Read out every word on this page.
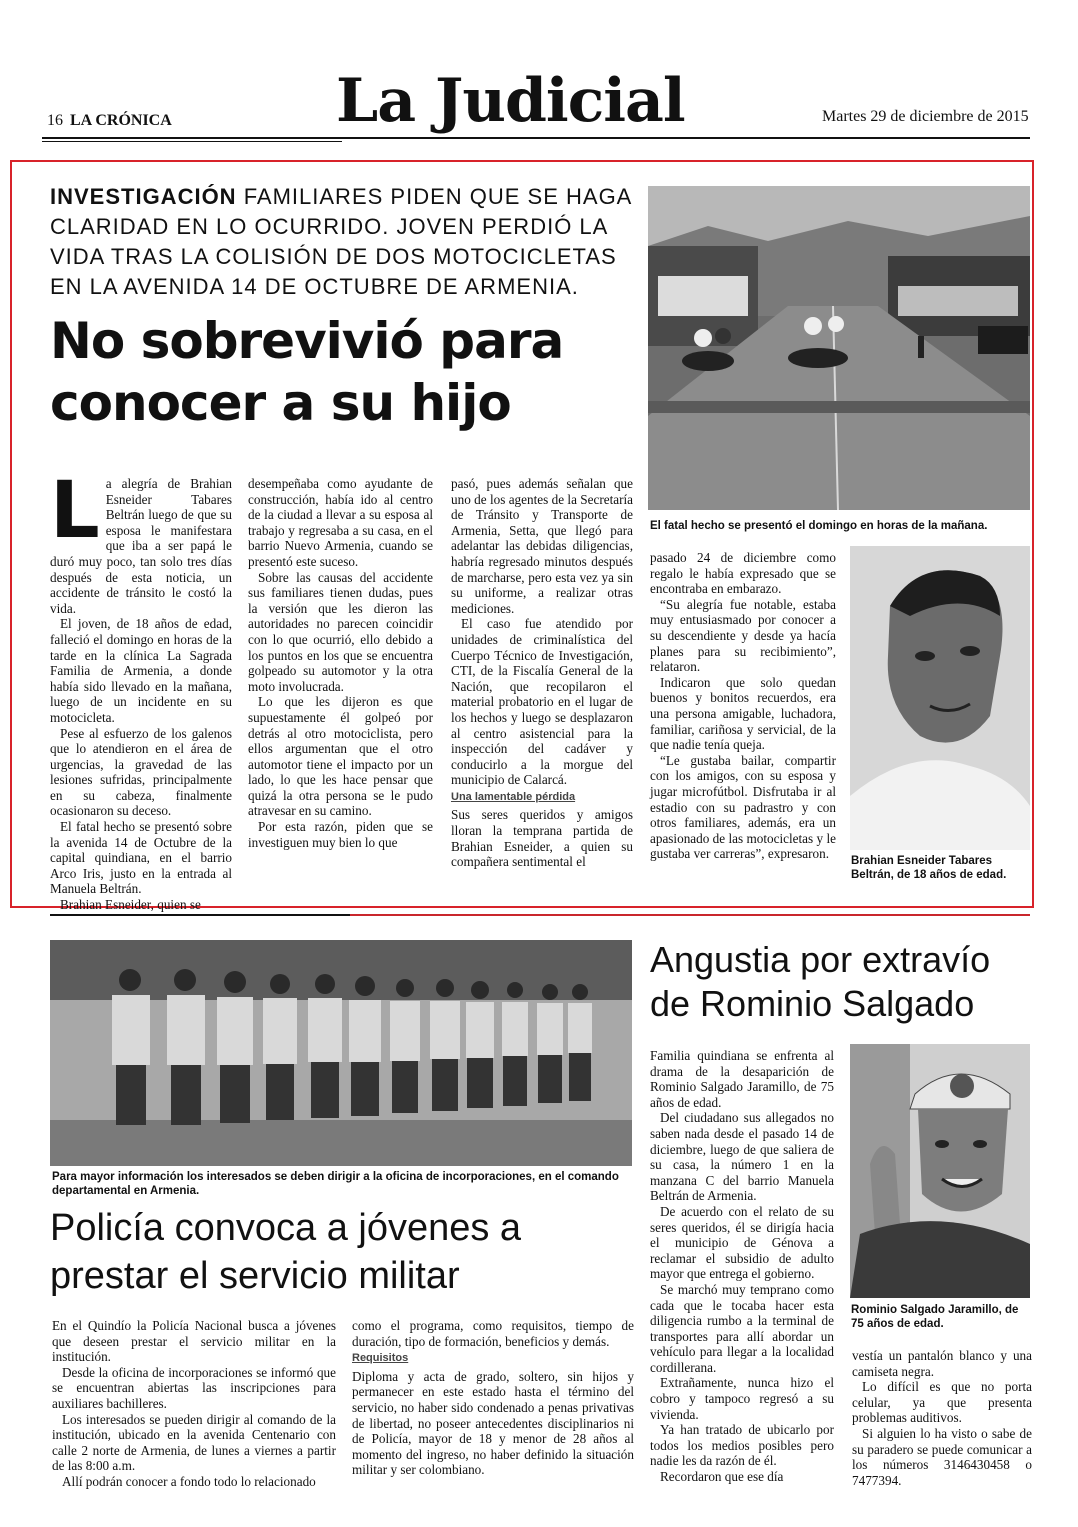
16 LA CRÓNICA	La Judicial	Martes 29 de diciembre de 2015
INVESTIGACIÓN FAMILIARES PIDEN QUE SE HAGA CLARIDAD EN LO OCURRIDO. JOVEN PERDIÓ LA VIDA TRAS LA COLISIÓN DE DOS MOTOCICLETAS EN LA AVENIDA 14 DE OCTUBRE DE ARMENIA.
No sobrevivió para conocer a su hijo
El fatal hecho se presentó el domingo en horas de la mañana.
Brahian Esneider Tabares Beltrán, de 18 años de edad.
L a alegría de Brahian Esneider Tabares Beltrán luego de que su esposa le manifestara que iba a ser papá le duró muy poco, tan solo tres días después de esta noticia, un accidente de tránsito le costó la vida.

El joven, de 18 años de edad, falleció el domingo en horas de la tarde en la clínica La Sagrada Familia de Armenia, a donde había sido llevado en la mañana, luego de un incidente en su motocicleta.

Pese al esfuerzo de los galenos que lo atendieron en el área de urgencias, la gravedad de las lesiones sufridas, principalmente en su cabeza, finalmente ocasionaron su deceso.

El fatal hecho se presentó sobre la avenida 14 de Octubre de la capital quindiana, en el barrio Arco Iris, justo en la entrada al Manuela Beltrán.

Brahian Esneider, quien se

desempeñaba como ayudante de construcción, había ido al centro de la ciudad a llevar a su esposa al trabajo y regresaba a su casa, en el barrio Nuevo Armenia, cuando se presentó este suceso.

Sobre las causas del accidente sus familiares tienen dudas, pues la versión que les dieron las autoridades no parecen coincidir con lo que ocurrió, ello debido a los puntos en los que se encuentra golpeado su automotor y la otra moto involucrada.

Lo que les dijeron es que supuestamente él golpeó por detrás al otro motociclista, pero ellos argumentan que el otro automotor tiene el impacto por un lado, lo que les hace pensar que quizá la otra persona se le pudo atravesar en su camino.

Por esta razón, piden que se investiguen muy bien lo que

pasó, pues además señalan que uno de los agentes de la Secretaría de Tránsito y Transporte de Armenia, Setta, que llegó para adelantar las debidas diligencias, habría regresado minutos después de marcharse, pero esta vez ya sin su uniforme, a realizar otras mediciones.

El caso fue atendido por unidades de criminalística del Cuerpo Técnico de Investigación, CTI, de la Fiscalía General de la Nación, que recopilaron el material probatorio en el lugar de los hechos y luego se desplazaron al centro asistencial para la inspección del cadáver y conducirlo a la morgue del municipio de Calarcá.

Una lamentable pérdida

Sus seres queridos y amigos lloran la temprana partida de Brahian Esneider, a quien su compañera sentimental el

pasado 24 de diciembre como regalo le había expresado que se encontraba en embarazo.

“Su alegría fue notable, estaba muy entusiasmado por conocer a su descendiente y desde ya hacía planes para su recibimiento”, relataron.

Indicaron que solo quedan buenos y bonitos recuerdos, era una persona amigable, luchadora, familiar, cariñosa y servicial, de la que nadie tenía queja.

“Le gustaba bailar, compartir con los amigos, con su esposa y jugar microfútbol. Disfrutaba ir al estadio con su padrastro y con otros familiares, además, era un apasionado de las motocicletas y le gustaba ver carreras”, expresaron.

Para mayor información los interesados se deben dirigir a la oficina de incorporaciones, en el comando departamental en Armenia.
Policía convoca a jóvenes a prestar el servicio militar

En el Quindío la Policía Nacional busca a jóvenes que deseen prestar el servicio militar en la institución.

Desde la oficina de incorporaciones se informó que se encuentran abiertas las inscripciones para auxiliares bachilleres.

Los interesados se pueden dirigir al comando de la institución, ubicado en la avenida Centenario con calle 2 norte de Armenia, de lunes a viernes a partir de las 8:00 a.m.

Allí podrán conocer a fondo todo lo relacionado

como el programa, como requisitos, tiempo de duración, tipo de formación, beneficios y demás.

Requisitos

Diploma y acta de grado, soltero, sin hijos y permanecer en este estado hasta el término del servicio, no haber sido condenado a penas privativas de libertad, no poseer antecedentes disciplinarios ni de Policía, mayor de 18 y menor de 28 años al momento del ingreso, no haber definido la situación militar y ser colombiano.

Angustia por extravío de Rominio Salgado
Rominio Salgado Jaramillo, de 75 años de edad.

Familia quindiana se enfrenta al drama de la desaparición de Rominio Salgado Jaramillo, de 75 años de edad.

Del ciudadano sus allegados no saben nada desde el pasado 14 de diciembre, luego de que saliera de su casa, la número 1 en la manzana C del barrio Manuela Beltrán de Armenia.

De acuerdo con el relato de su seres queridos, él se dirigía hacia el municipio de Génova a reclamar el subsidio de adulto mayor que entrega el gobierno.

Se marchó muy temprano como cada que le tocaba hacer esta diligencia rumbo a la terminal de transportes para allí abordar un vehículo para llegar a la localidad cordillerana.

Extrañamente, nunca hizo el cobro y tampoco regresó a su vivienda.

Ya han tratado de ubicarlo por todos los medios posibles pero nadie les da razón de él.

Recordaron que ese día

vestía un pantalón blanco y una camiseta negra.

Lo difícil es que no porta celular, ya que presenta problemas auditivos.

Si alguien lo ha visto o sabe de su paradero se puede comunicar a los números 3146430458 o 7477394.
